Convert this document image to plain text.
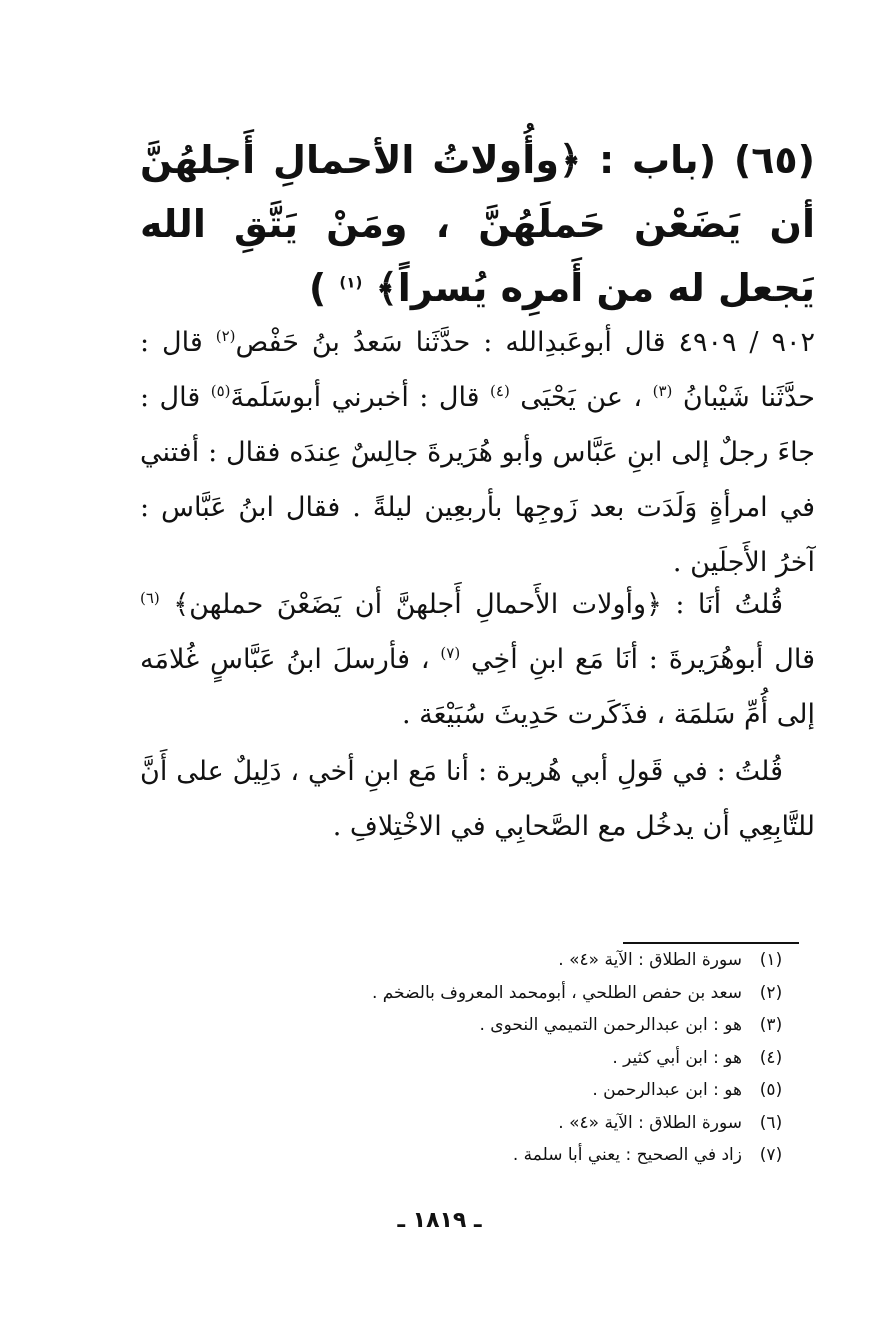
(٦٥) (باب : ﴿وأُولاتُ الأحمالِ أَجلهُنَّ أن يَضَعْن حَملَهُنَّ ، ومَنْ يَتَّقِ الله يَجعل له من أَمرِه يُسراً﴾ $^{(١)}$ )

٩٠٢ / ٤٩٠٩ قال أبوعَبدِالله : حدَّثَنا سَعدُ بنُ حَفْص$^{(٢)}$ قال : حدَّثَنا شَيْبانُ $^{(٣)}$ ، عن يَحْيَى $^{(٤)}$ قال : أخبرني أبوسَلَمةَ$^{(٥)}$ قال : جاءَ رجلٌ إلى ابنِ عَبَّاس وأبو هُرَيرةَ جالِسٌ عِندَه فقال : أفتني في امرأةٍ وَلَدَت بعد زَوجِها بأربعِين ليلةً . فقال ابنُ عَبَّاس : آخرُ الأَجلَين .

قُلتُ أنَا : ﴿وأولات الأَحمالِ أَجلهنَّ أن يَضَعْنَ حملهن﴾ $^{(٦)}$ قال أبوهُرَيرةَ : أنَا مَع ابنِ أخِي $^{(٧)}$ ، فأرسلَ ابنُ عَبَّاسٍ غُلامَه إلى أُمِّ سَلمَة ، فذَكَرت حَدِيثَ سُبَيْعَة .

قُلتُ : في قَولِ أبي هُريرة : أنا مَع ابنِ أخي ، دَلِيلٌ على أَنَّ للتَّابِعِي أن يدخُل مع الصَّحابِي في الاخْتِلافِ .

(١)
سورة الطلاق : الآية «٤» .
(٢)
سعد بن حفص الطلحي ، أبومحمد المعروف بالضخم .
(٣)
هو : ابن عبدالرحمن التميمي النحوى .
(٤)
هو : ابن أبي كثير .
(٥)
هو : ابن عبدالرحمن .
(٦)
سورة الطلاق : الآية «٤» .
(٧)
زاد في الصحيح : يعني أبا سلمة .
ـ ١٨١٩ ـ
